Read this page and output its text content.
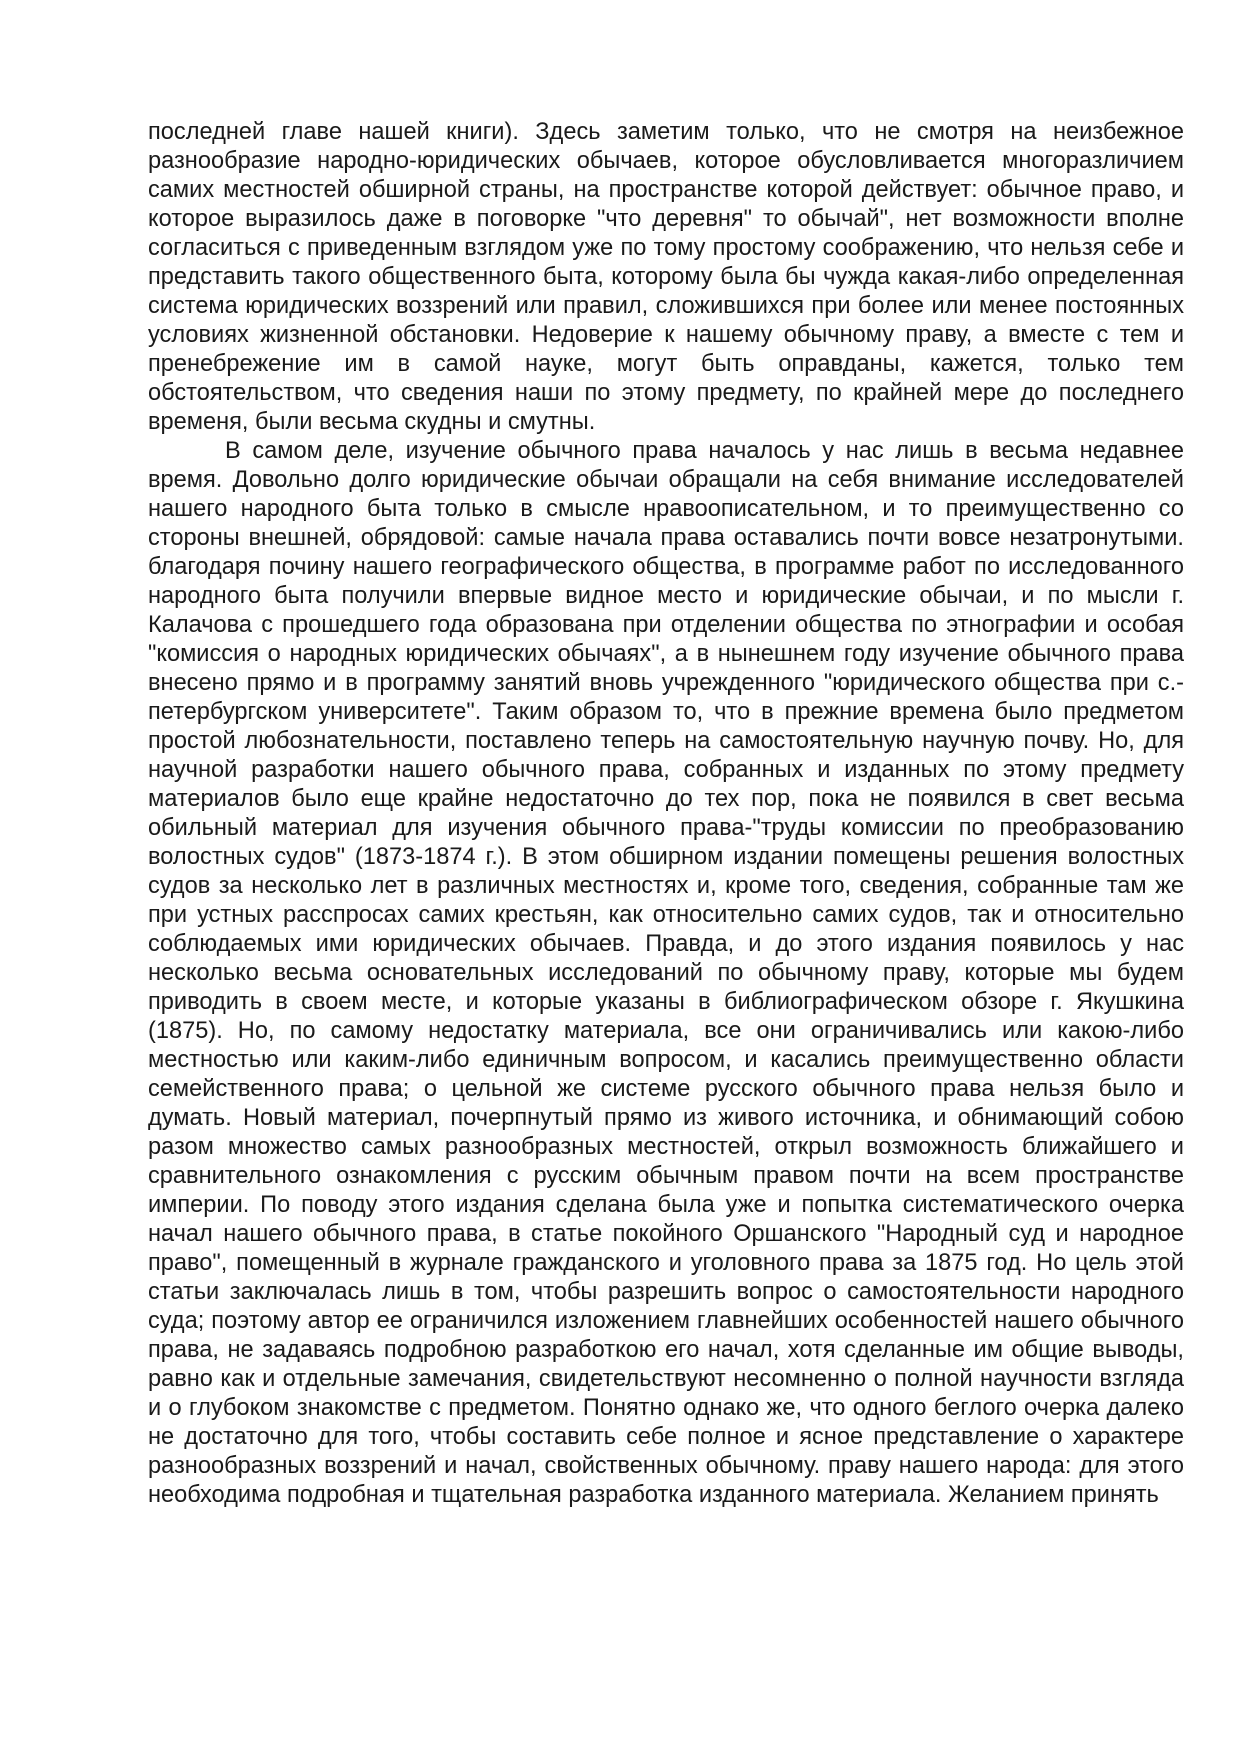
последней главе нашей книги). Здесь заметим только, что не смотря на неизбежное разнообразие народно-юридических обычаев, которое обусловливается многоразличием самих местностей обширной страны, на пространстве которой действует: обычное право, и которое выразилось даже в поговорке "что деревня" то обычай", нет возможности вполне согласиться с приведенным взглядом уже по тому простому соображению, что нельзя себе и представить такого общественного быта, которому была бы чужда какая-либо определенная система юридических воззрений или правил, сложившихся при более или менее постоянных условиях жизненной обстановки. Недоверие к нашему обычному праву, а вместе с тем и пренебрежение им в самой науке, могут быть оправданы, кажется, только тем обстоятельством, что сведения наши по этому предмету, по крайней мере до последнего временя, были весьма скудны и смутны.

В самом деле, изучение обычного права началось у нас лишь в весьма недавнее время. Довольно долго юридические обычаи обращали на себя внимание исследователей нашего народного быта только в смысле нравоописательном, и то преимущественно со стороны внешней, обрядовой: самые начала права оставались почти вовсе незатронутыми. благодаря почину нашего географического общества, в программе работ по исследованного народного быта получили впервые видное место и юридические обычаи, и по мысли г. Калачова с прошедшего года образована при отделении общества по этнографии и особая "комиссия о народных юридических обычаях", а в нынешнем году изучение обычного права внесено прямо и в программу занятий вновь учрежденного "юридического общества при с.-петербургском университете". Таким образом то, что в прежние времена было предметом простой любознательности, поставлено теперь на самостоятельную научную почву. Но, для научной разработки нашего обычного права, собранных и изданных по этому предмету материалов было еще крайне недостаточно до тех пор, пока не появился в свет весьма обильный материал для изучения обычного права-"труды комиссии по преобразованию волостных судов" (1873-1874 г.). В этом обширном издании помещены решения волостных судов за несколько лет в различных местностях и, кроме того, сведения, собранные там же при устных расспросах самих крестьян, как относительно самих судов, так и относительно соблюдаемых ими юридических обычаев. Правда, и до этого издания появилось у нас несколько весьма основательных исследований по обычному праву, которые мы будем приводить в своем месте, и которые указаны в библиографическом обзоре г. Якушкина (1875). Но, по самому недостатку материала, все они ограничивались или какою-либо местностью или каким-либо единичным вопросом, и касались преимущественно области семейственного права; о цельной же системе русского обычного права нельзя было и думать. Новый материал, почерпнутый прямо из живого источника, и обнимающий собою разом множество самых разнообразных местностей, открыл возможность ближайшего и сравнительного ознакомления с русским обычным правом почти на всем пространстве империи. По поводу этого издания сделана была уже и попытка систематического очерка начал нашего обычного права, в статье покойного Оршанского "Народный суд и народное право", помещенный в журнале гражданского и уголовного права за 1875 год. Но цель этой статьи заключалась лишь в том, чтобы разрешить вопрос о самостоятельности народного суда; поэтому автор ее ограничился изложением главнейших особенностей нашего обычного права, не задаваясь подробною разработкою его начал, хотя сделанные им общие выводы, равно как и отдельные замечания, свидетельствуют несомненно о полной научности взгляда и о глубоком знакомстве с предметом. Понятно однако же, что одного беглого очерка далеко не достаточно для того, чтобы составить себе полное и ясное представление о характере разнообразных воззрений и начал, свойственных обычному. праву нашего народа: для этого необходима подробная и тщательная разработка изданного материала. Желанием принять
